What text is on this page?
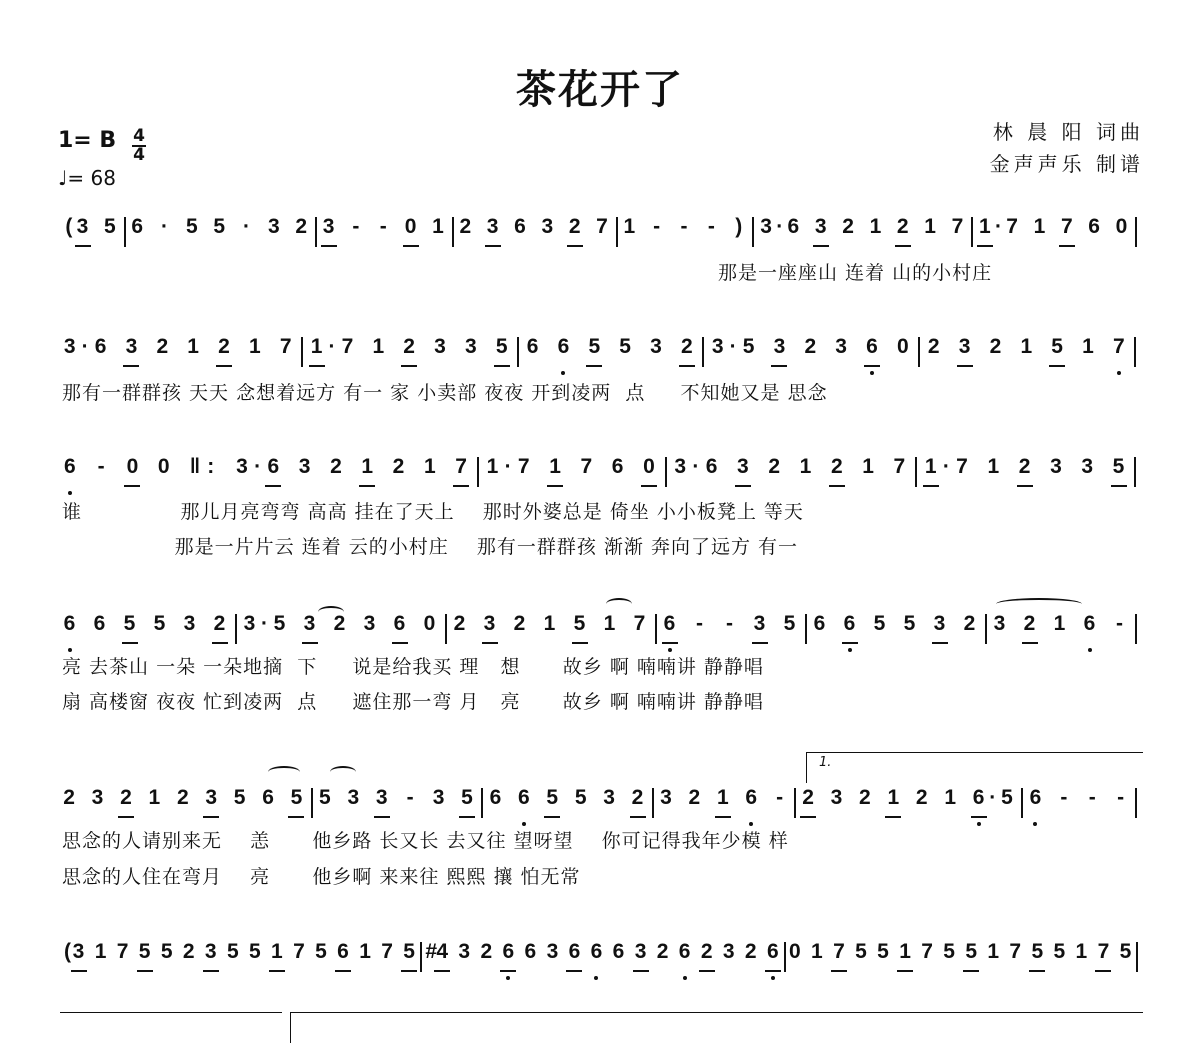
茶花开了
林 晨 阳 词曲
金声声乐 制谱
1= B 4
4
♩= 68
( 3 5 6 · 5 5 · 3 2 3 - - 0 1 2 3 6 3 2 7 1 - - - ) 3 · 6 3 2 1 2 1 7 1 · 7 1 7 6 0
3 · 6 3 2 1 2 1 7 1 · 7 1 2 3 3 5 6 6 5 5 3 2 3 · 5 3 2 3 6 0 2 3 2 1 5 1 7
6 - 0 0 ‖ : 3 · 6 3 2 1 2 1 7 1 · 7 1 7 6 0 3 · 6 3 2 1 2 1 7 1 · 7 1 2 3 3 5
6 6 5 5 3 2 3 · 5 3 2 3 6 0 2 3 2 1 5 1 7 6 - - 3 5 6 6 5 5 3 2 3 2 1 6 -
2 3 2 1 2 3 5 6 5 5 3 3 - 3 5 6 6 5 5 3 2 3 2 1 6 - 2 3 2 1 2 1 6 · 5 6 - - -
( 3 1 7 5 5 2 3 5 5 1 7 5 6 1 7 5 # 4 3 2 6 6 3 6 6 6 3 2 6 2 3 2 6 0 1 7 5 5 1 7 5 5 1 7 5 5 1 7 5
那是一座座山 连着 山的小村庄
那有一群群孩 天天 念想着远方 有一 家 小卖部 夜夜 开到凌两  点     不知她又是 思念
谁              那儿月亮弯弯 高高 挂在了天上    那时外婆总是 倚坐 小小板凳上 等天
那是一片片云 连着 云的小村庄    那有一群群孩 渐渐 奔向了远方 有一
亮 去茶山 一朵 一朵地摘  下     说是给我买 理   想      故乡 啊 喃喃讲 静静唱
扇 高楼窗 夜夜 忙到凌两  点     遮住那一弯 月   亮      故乡 啊 喃喃讲 静静唱
思念的人请别来无    恙      他乡路 长又长 去又往 望呀望    你可记得我年少模 样
思念的人住在弯月    亮      他乡啊 来来往 熙熙 攘 怕无常
1.
